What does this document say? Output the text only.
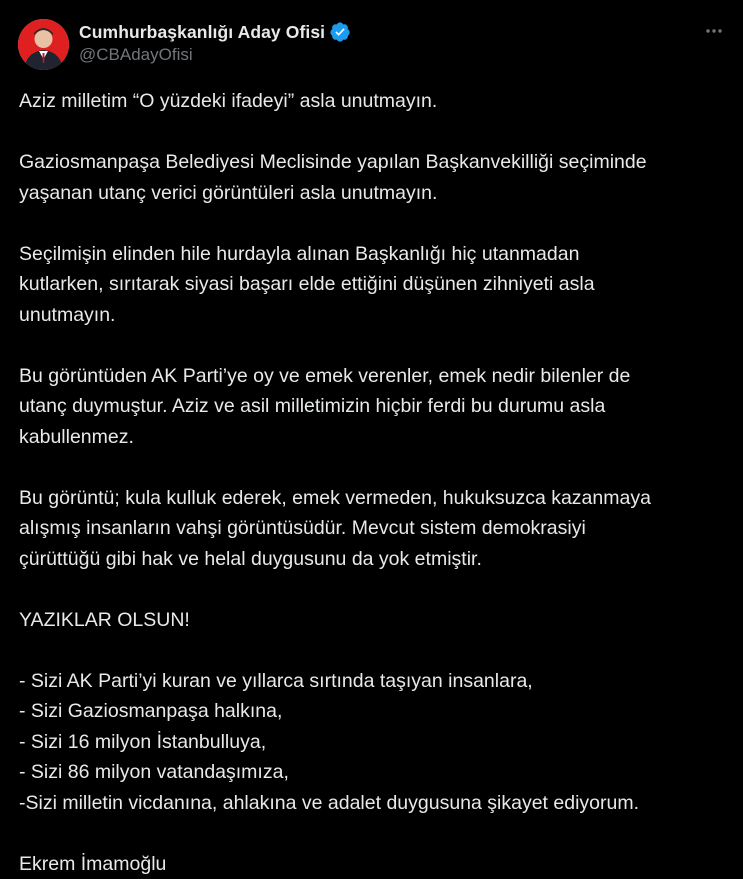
Cumhurbaşkanlığı Aday Ofisi
@CBAdayOfisi
Aziz milletim “O yüzdeki ifadeyi” asla unutmayın.
Gaziosmanpaşa Belediyesi Meclisinde yapılan Başkanvekilliği seçiminde
yaşanan utanç verici görüntüleri asla unutmayın.
Seçilmişin elinden hile hurdayla alınan Başkanlığı hiç utanmadan
kutlarken, sırıtarak siyasi başarı elde ettiğini düşünen zihniyeti asla
unutmayın.
Bu görüntüden AK Parti’ye oy ve emek verenler, emek nedir bilenler de
utanç duymuştur. Aziz ve asil milletimizin hiçbir ferdi bu durumu asla
kabullenmez.
Bu görüntü; kula kulluk ederek, emek vermeden, hukuksuzca kazanmaya
alışmış insanların vahşi görüntüsüdür. Mevcut sistem demokrasiyi
çürüttüğü gibi hak ve helal duygusunu da yok etmiştir.
YAZIKLAR OLSUN!
- Sizi AK Parti’yi kuran ve yıllarca sırtında taşıyan insanlara,
- Sizi Gaziosmanpaşa halkına,
- Sizi 16 milyon İstanbulluya,
- Sizi 86 milyon vatandaşımıza,
-Sizi milletin vicdanına, ahlakına ve adalet duygusuna şikayet ediyorum.
Ekrem İmamoğlu
